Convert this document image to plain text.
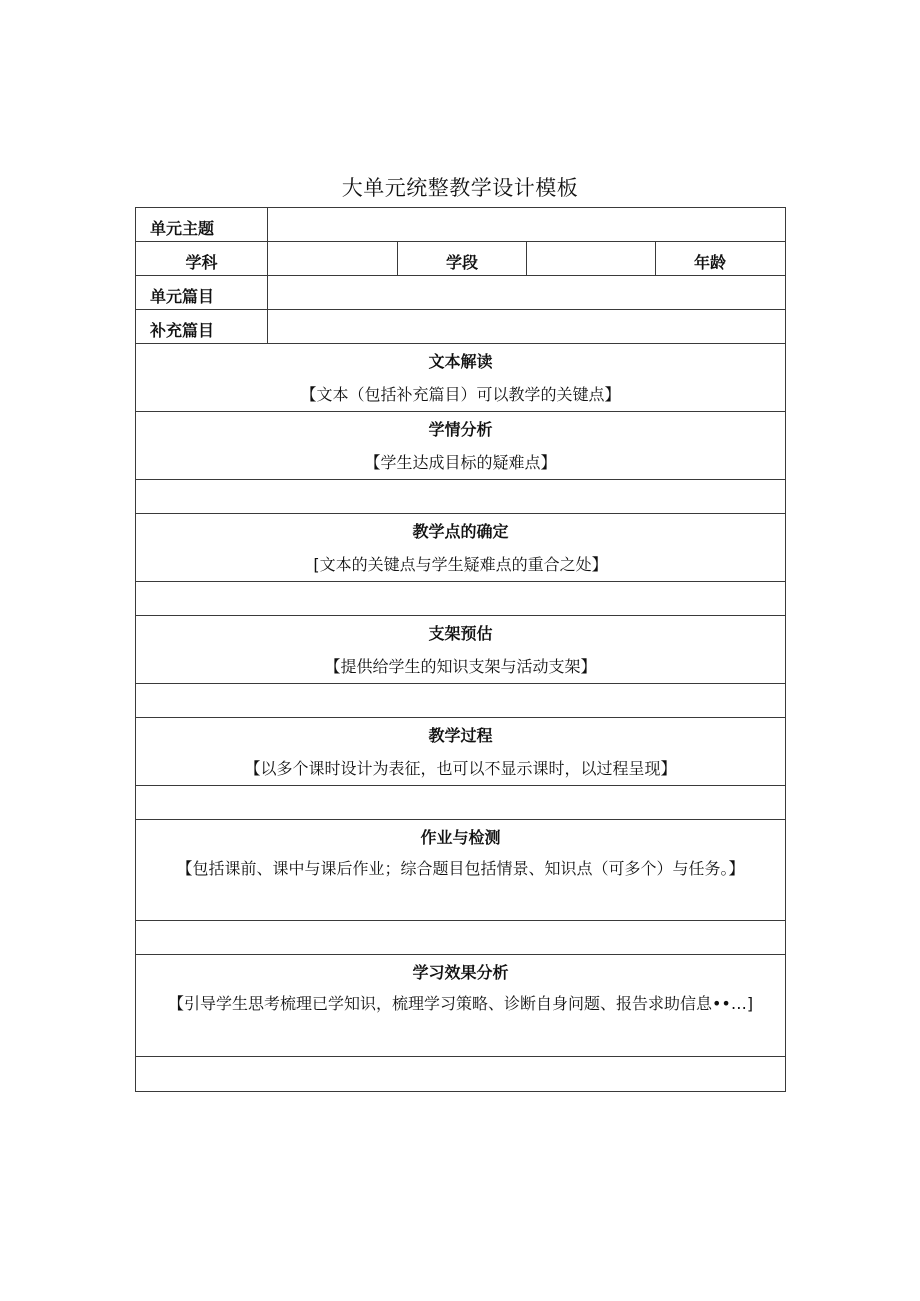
大单元统整教学设计模板
单元主题
学科	学段	年龄
单元篇目
补充篇目
文本解读
【文本（包括补充篇目）可以教学的关键点】
学情分析
【学生达成目标的疑难点】
教学点的确定
[文本的关键点与学生疑难点的重合之处】
支架预估
【提供给学生的知识支架与活动支架】
教学过程
【以多个课时设计为表征，也可以不显示课时，以过程呈现】
作业与检测
【包括课前、课中与课后作业；综合题目包括情景、知识点（可多个）与任务。】
学习效果分析
【引导学生思考梳理已学知识，梳理学习策略、诊断自身问题、报告求助信息••…]
